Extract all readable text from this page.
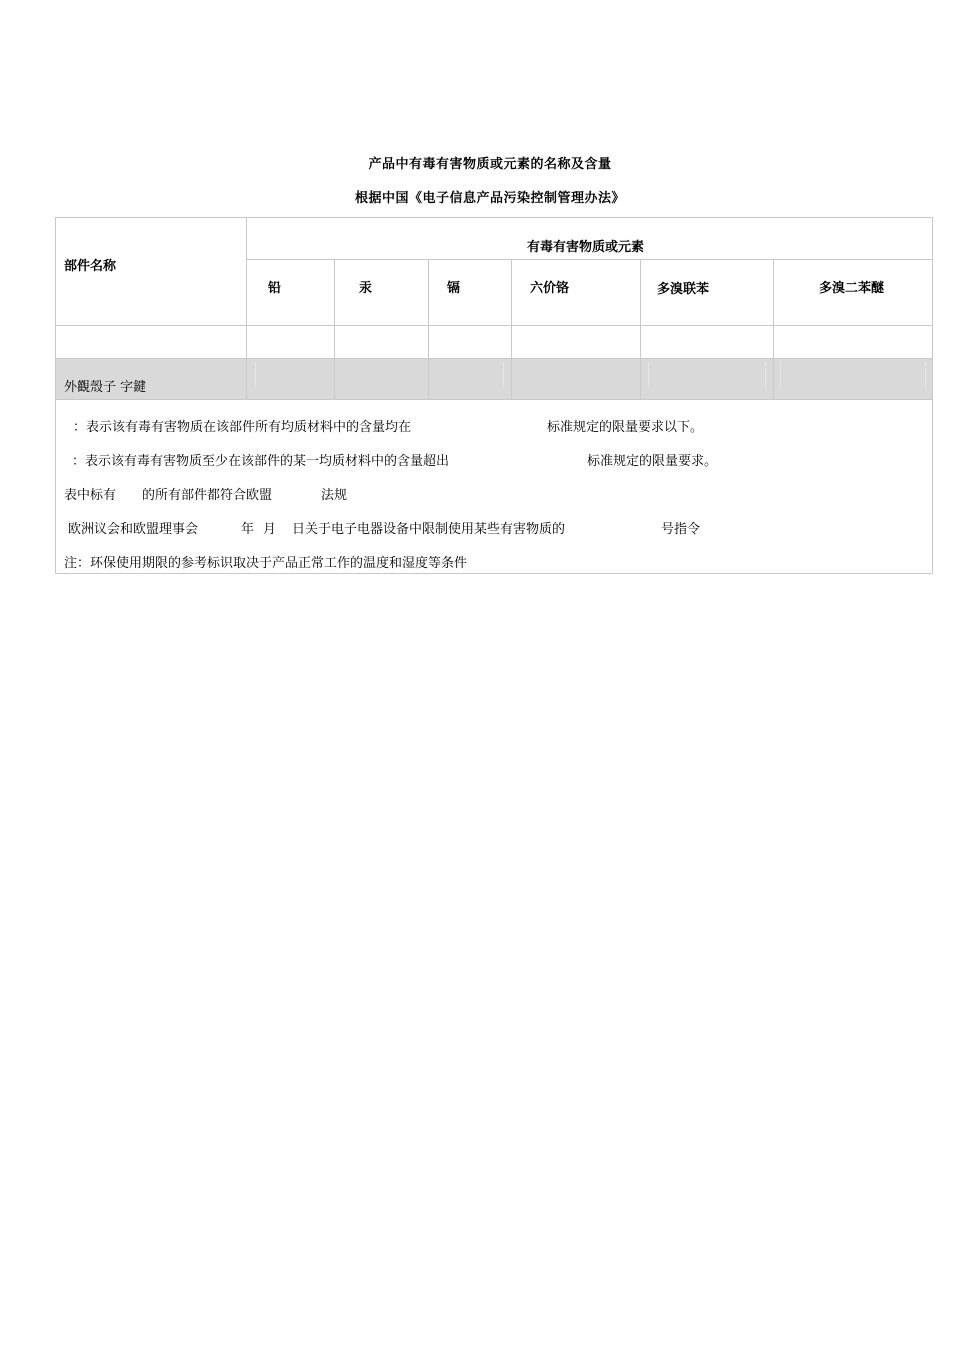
产品中有毒有害物质或元素的名称及含量
根据中国《电子信息产品污染控制管理办法》
部件名称
有毒有害物质或元素
铅	汞	镉	六价铬	多溴联苯	多溴二苯醚
外觀殼子 字鍵
：表示该有毒有害物质在该部件所有均质材料中的含量均在	标准规定的限量要求以下。
：表示该有毒有害物质至少在该部件的某一均质材料中的含量超出	标准规定的限量要求。
表中标有 的所有部件都符合欧盟	法规
欧洲议会和欧盟理事会	年 月 日关于电子电器设备中限制使用某些有害物质的	号指令
注：环保使用期限的参考标识取决于产品正常工作的温度和湿度等条件
